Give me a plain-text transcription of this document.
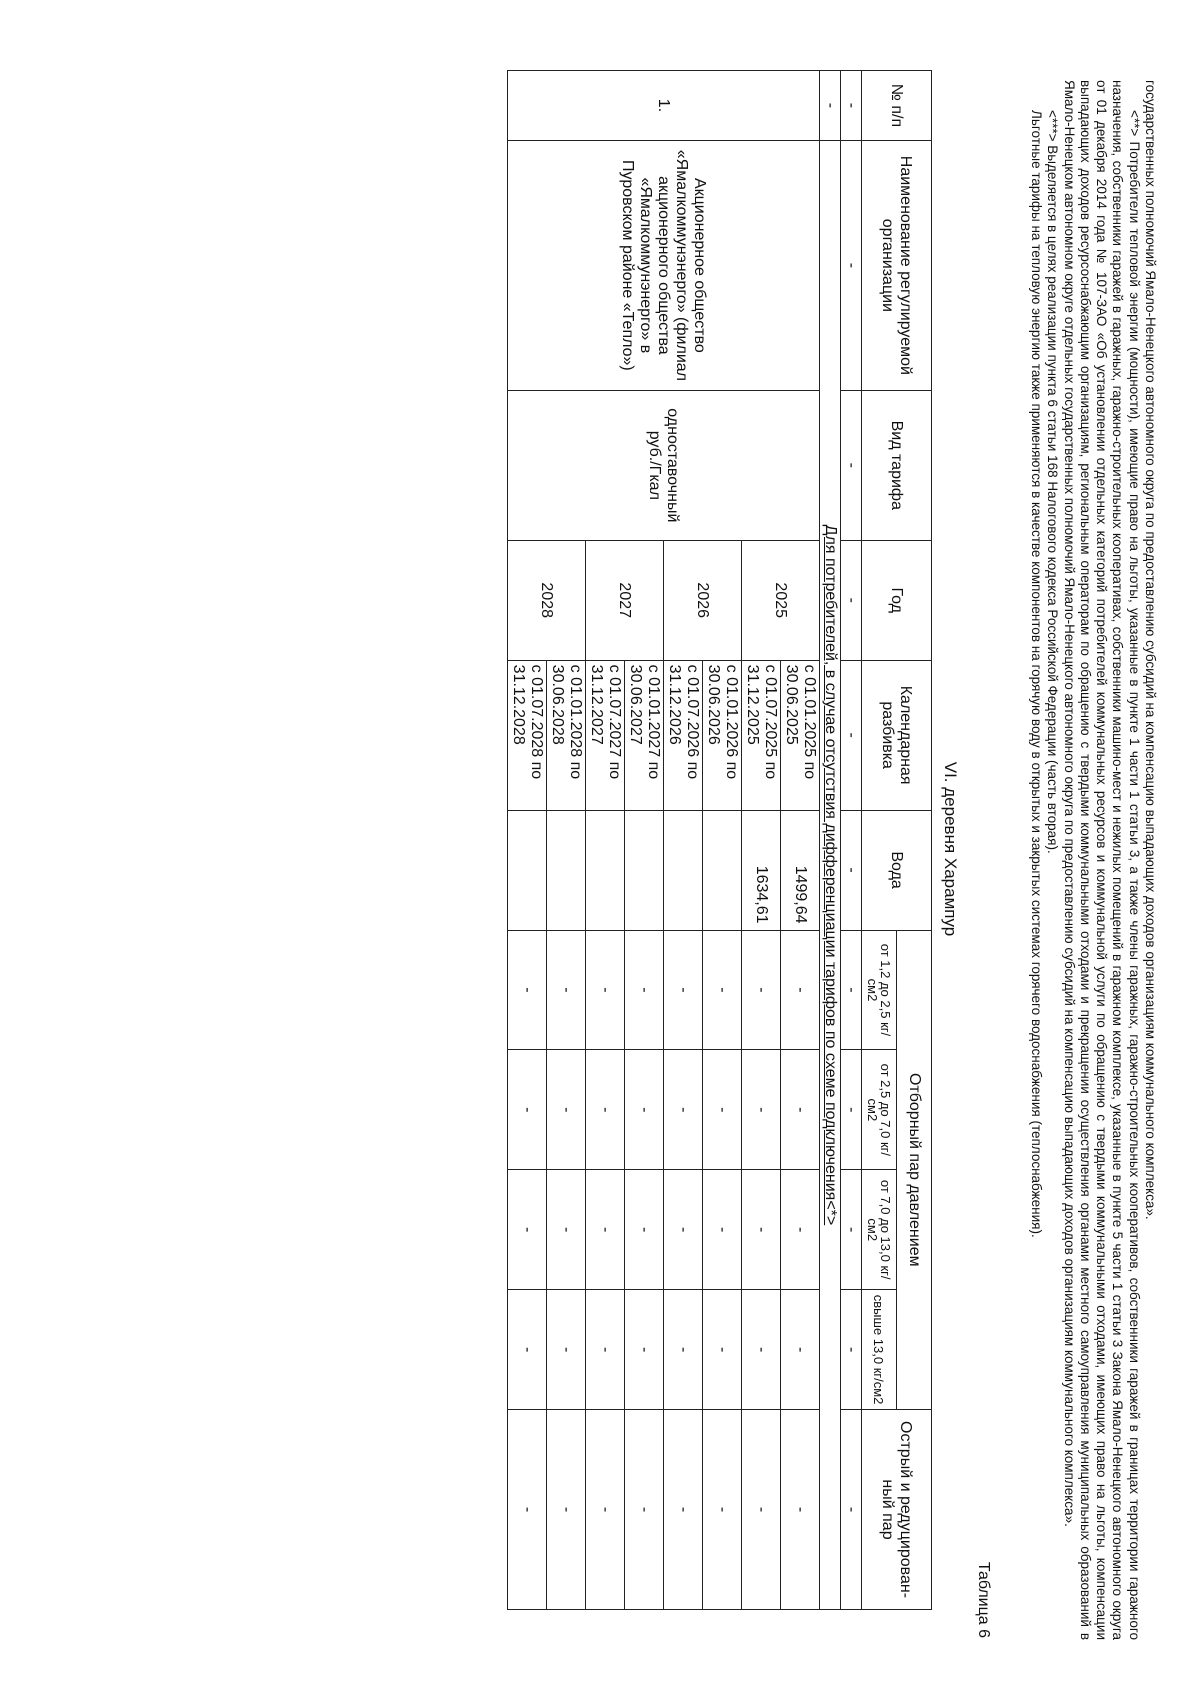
государственных полномочий Ямало-Ненецкого автономного округа по предоставлению субсидий на компенсацию выпадающих доходов организациям коммунального комплекса».

<**> Потребители тепловой энергии (мощности), имеющие право на льготы, указанные в пункте 1 части 1 статьи 3, а также члены гаражных, гаражно-строительных кооперативов, собственники гаражей в границах территории гаражного назначения, собственники гаражей в гаражных, гаражно-строительных кооперативах, собственники машино-мест и нежилых помещений в гаражном комплексе, указанные в пункте 5 части 1 статьи 3 Закона Ямало-Ненецкого автономного округа от 01 декабря 2014 года № 107-ЗАО «Об установлении отдельных категорий потребителей коммунальных ресурсов и коммунальной услуги по обращению с твердыми коммунальными отходами, имеющих право на льготы, компенсации выпадающих доходов ресурсоснабжающим организациям, региональным операторам по обращению с твердыми коммунальными отходами и прекращении осуществления органами местного самоуправления муниципальных образований в Ямало-Ненецком автономном округе отдельных государственных полномочий Ямало-Ненецкого автономного округа по предоставлению субсидий на компенсацию выпадающих доходов организациям коммунального комплекса».

<***> Выделяется в целях реализации пункта 6 статьи 168 Налогового кодекса Российской Федерации (часть вторая).

Льготные тарифы на тепловую энергию также применяются в качестве компонентов на горячую воду в открытых и закрытых системах горячего водоснабжения (теплоснабжения).

Таблица 6
VI. деревня Харампур
№ п/п	Наименование регулируемой организации	Вид тарифа	Год	Календарная разбивка	Вода	Отборный пар давлением				Острый и редуцирован-ный пар
						от 1,2 до 2,5 кг/см2	от 2,5 до 7,0 кг/см2	от 7,0 до 13,0 кг/см2	свыше 13,0 кг/см2	
-	-	-	-	-	-	-	-	-	-	-
-	Для потребителей, в случае отсутствия дифференциации тарифов по схеме подключения<*>									
1.	Акционерное общество «Ямалкоммунэнерго» (филиал акционерного общества «Ямалкоммунэнерго» в Пуровском районе «Тепло»)	одноставочный руб./Гкал	2025	с 01.01.2025 по 30.06.2025	1499,64	-	-	-	-	-
				с 01.07.2025 по 31.12.2025	1634,61	-	-	-	-	-
			2026	с 01.01.2026 по 30.06.2026		-	-	-	-	-
				с 01.07.2026 по 31.12.2026		-	-	-	-	-
			2027	с 01.01.2027 по 30.06.2027		-	-	-	-	-
				с 01.07.2027 по 31.12.2027		-	-	-	-	-
			2028	с 01.01.2028 по 30.06.2028		-	-	-	-	-
				с 01.07.2028 по 31.12.2028		-	-	-	-	-
